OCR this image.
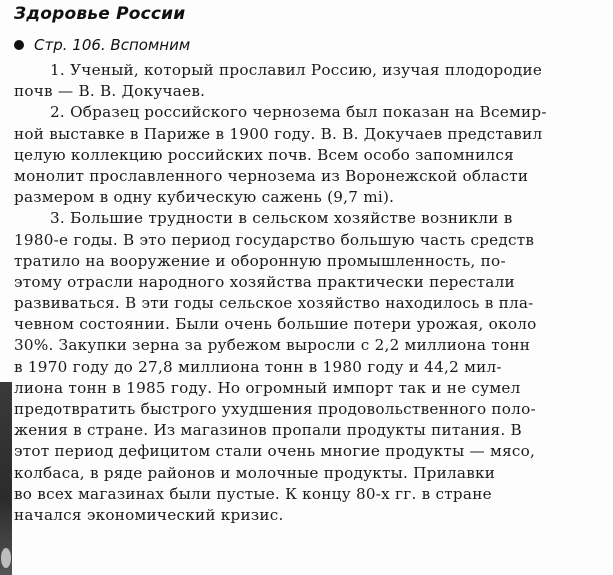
Здоровье России
Стр. 106. Вспомним
1. Ученый, который прославил Россию, изучая плодородие
почв — В. В. Докучаев.
2. Образец российского чернозема был показан на Всемир-
ной выставке в Париже в 1900 году. В. В. Докучаев представил
целую коллекцию российских почв. Всем особо запомнился
монолит прославленного чернозема из Воронежской области
размером в одну кубическую сажень (9,7 mi).
3. Большие трудности в сельском хозяйстве возникли в
1980-е годы. В это период государство большую часть средств
тратило на вооружение и оборонную промышленность, по-
этому отрасли народного хозяйства практически перестали
развиваться. В эти годы сельское хозяйство находилось в пла-
чевном состоянии. Были очень большие потери урожая, около
30%. Закупки зерна за рубежом выросли с 2,2 миллиона тонн
в 1970 году до 27,8 миллиона тонн в 1980 году и 44,2 мил-
лиона тонн в 1985 году. Но огромный импорт так и не сумел
предотвратить быстрого ухудшения продовольственного поло-
жения в стране. Из магазинов пропали продукты питания. В
этот период дефицитом стали очень многие продукты — мясо,
колбаса, в ряде районов и молочные продукты. Прилавки
во всех магазинах были пустые. К концу 80-х гг. в стране
начался экономический кризис.
